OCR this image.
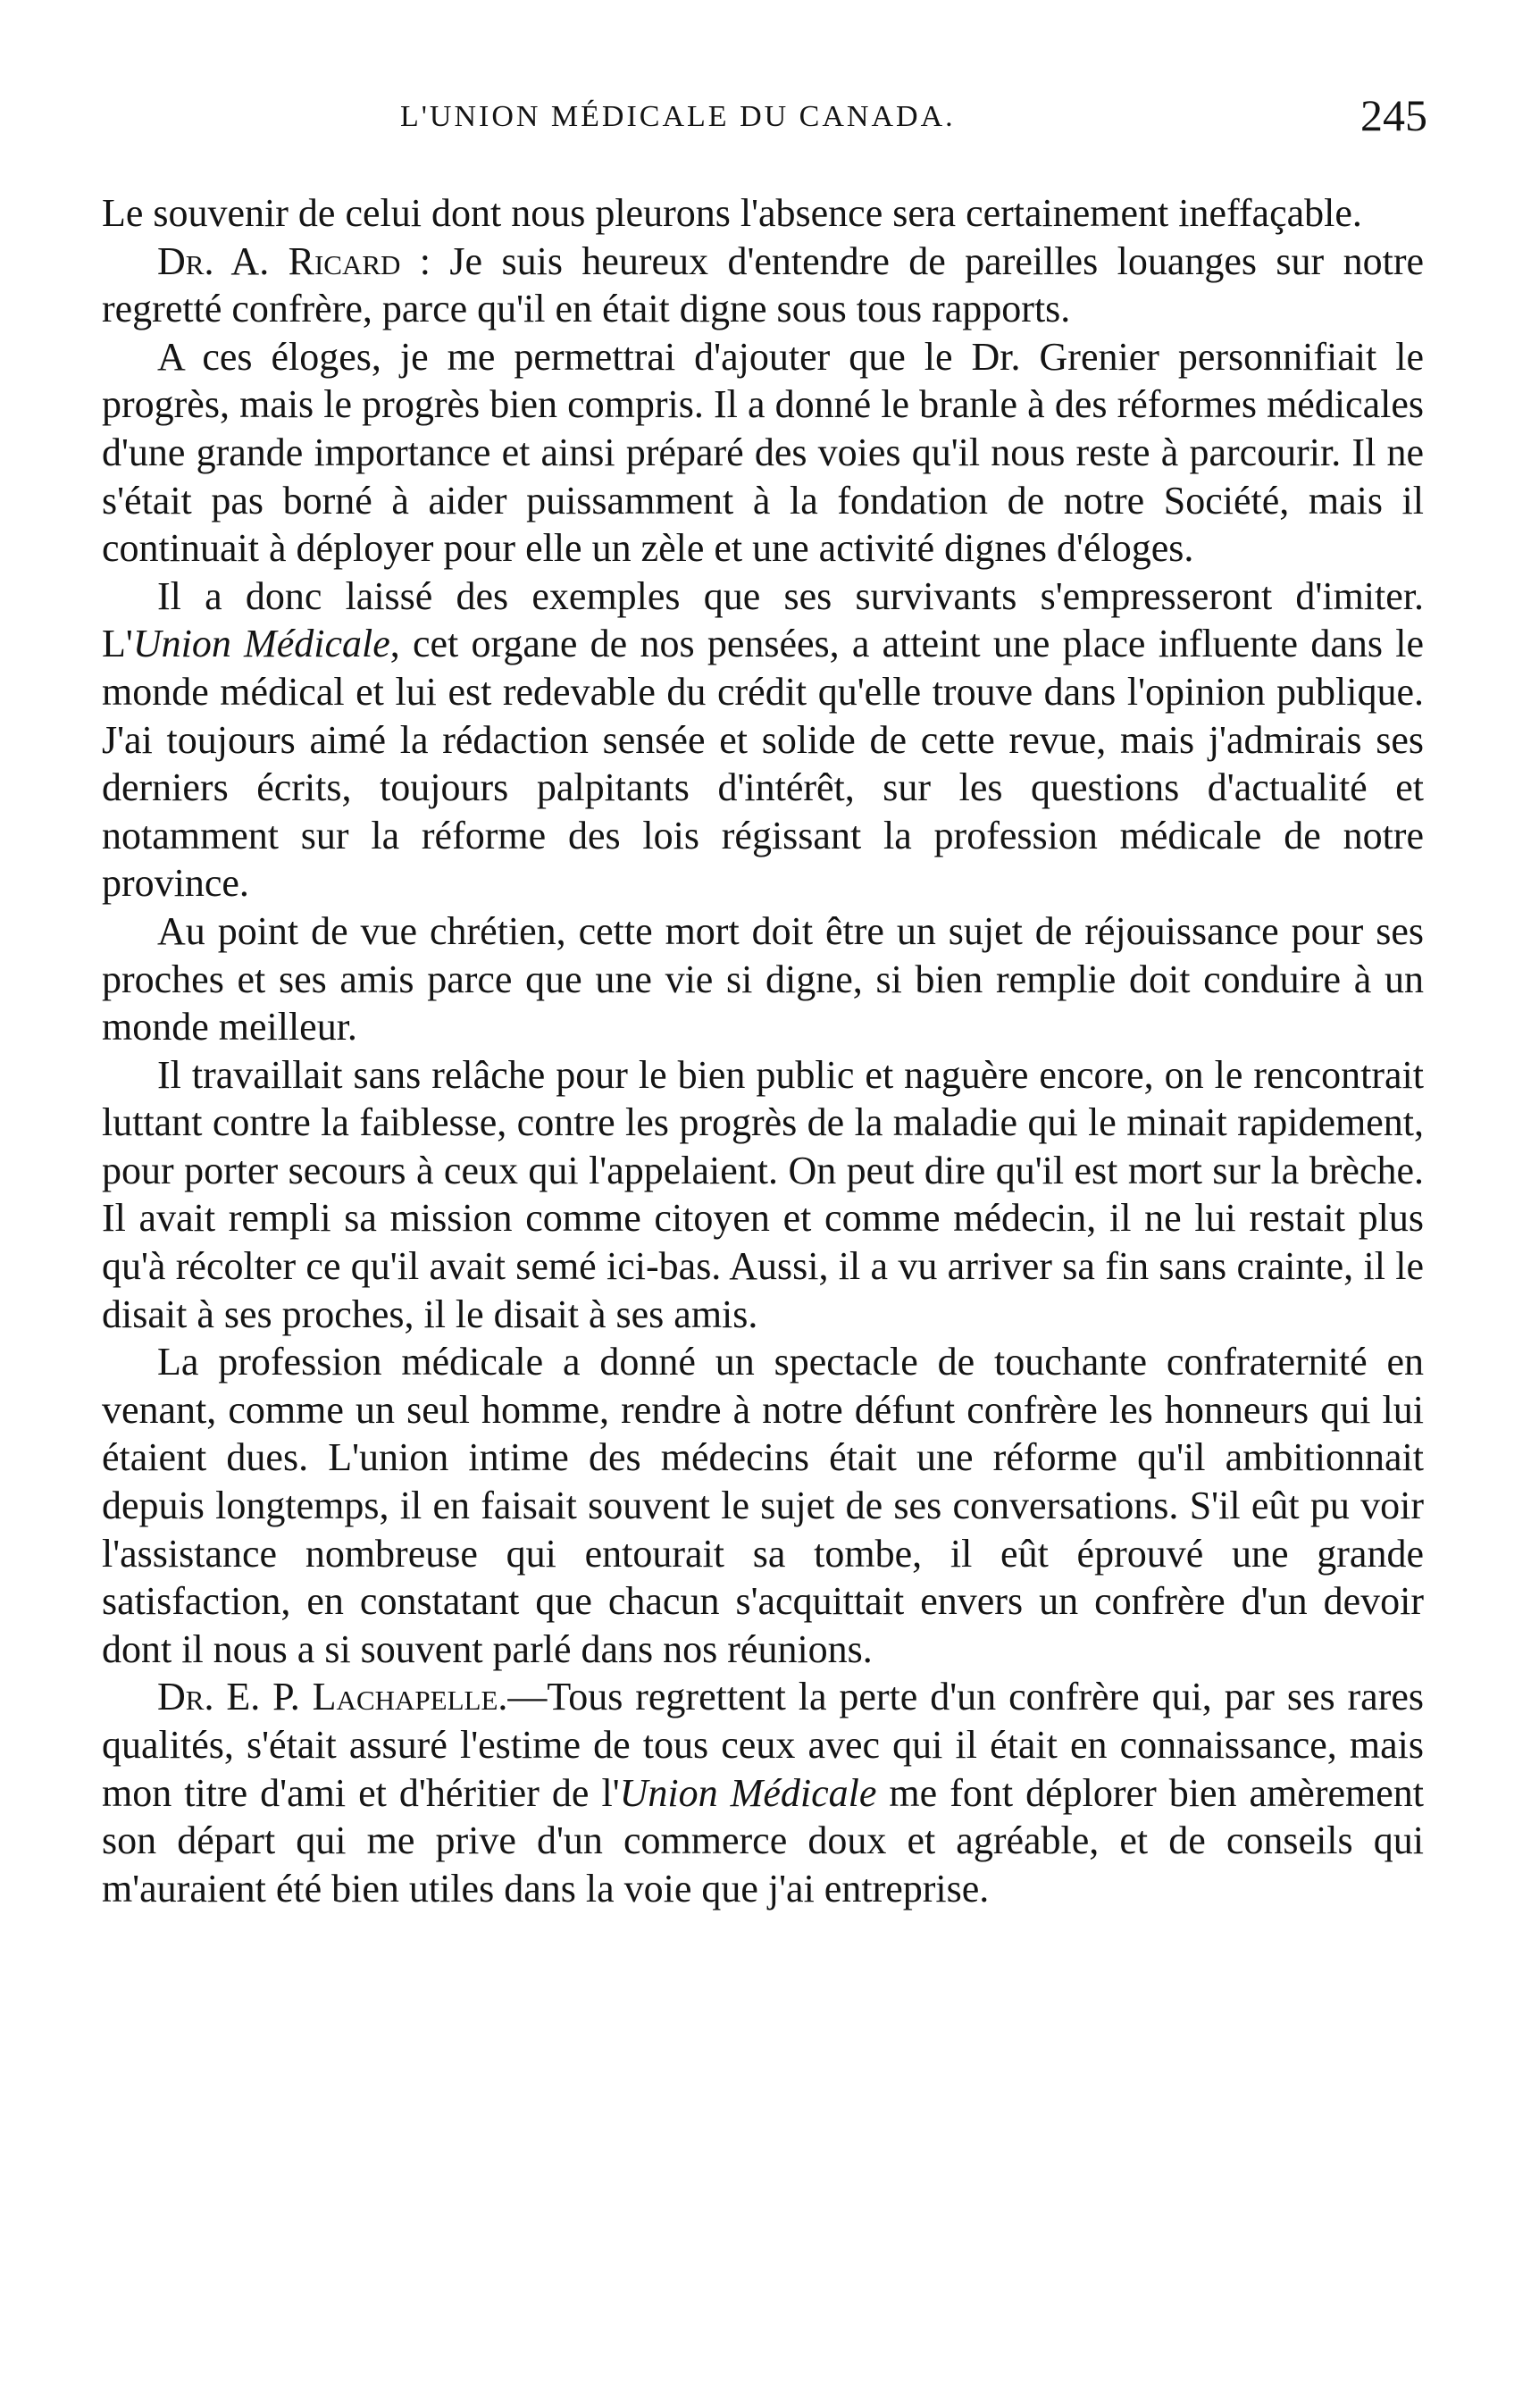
L'UNION MÉDICALE DU CANADA.	245

Le souvenir de celui dont nous pleurons l'absence sera certainement ineffaçable.

Dr. A. Ricard : Je suis heureux d'entendre de pareilles louanges sur notre regretté confrère, parce qu'il en était digne sous tous rapports.

A ces éloges, je me permettrai d'ajouter que le Dr. Grenier personnifiait le progrès, mais le progrès bien compris. Il a donné le branle à des réformes médicales d'une grande importance et ainsi préparé des voies qu'il nous reste à parcourir. Il ne s'était pas borné à aider puissamment à la fondation de notre Société, mais il continuait à déployer pour elle un zèle et une activité dignes d'éloges.

Il a donc laissé des exemples que ses survivants s'empresseront d'imiter. L'Union Médicale, cet organe de nos pensées, a atteint une place influente dans le monde médical et lui est redevable du crédit qu'elle trouve dans l'opinion publique. J'ai toujours aimé la rédaction sensée et solide de cette revue, mais j'admirais ses derniers écrits, toujours palpitants d'intérêt, sur les questions d'actualité et notamment sur la réforme des lois régissant la profession médicale de notre province.

Au point de vue chrétien, cette mort doit être un sujet de réjouissance pour ses proches et ses amis parce que une vie si digne, si bien remplie doit conduire à un monde meilleur.

Il travaillait sans relâche pour le bien public et naguère encore, on le rencontrait luttant contre la faiblesse, contre les progrès de la maladie qui le minait rapidement, pour porter secours à ceux qui l'appelaient. On peut dire qu'il est mort sur la brèche. Il avait rempli sa mission comme citoyen et comme médecin, il ne lui restait plus qu'à récolter ce qu'il avait semé ici-bas. Aussi, il a vu arriver sa fin sans crainte, il le disait à ses proches, il le disait à ses amis.

La profession médicale a donné un spectacle de touchante confraternité en venant, comme un seul homme, rendre à notre défunt confrère les honneurs qui lui étaient dues. L'union intime des médecins était une réforme qu'il ambitionnait depuis longtemps, il en faisait souvent le sujet de ses conversations. S'il eût pu voir l'assistance nombreuse qui entourait sa tombe, il eût éprouvé une grande satisfaction, en constatant que chacun s'acquittait envers un confrère d'un devoir dont il nous a si souvent parlé dans nos réunions.

Dr. E. P. Lachapelle.—Tous regrettent la perte d'un confrère qui, par ses rares qualités, s'était assuré l'estime de tous ceux avec qui il était en connaissance, mais mon titre d'ami et d'héritier de l'Union Médicale me font déplorer bien amèrement son départ qui me prive d'un commerce doux et agréable, et de conseils qui m'auraient été bien utiles dans la voie que j'ai entreprise.
